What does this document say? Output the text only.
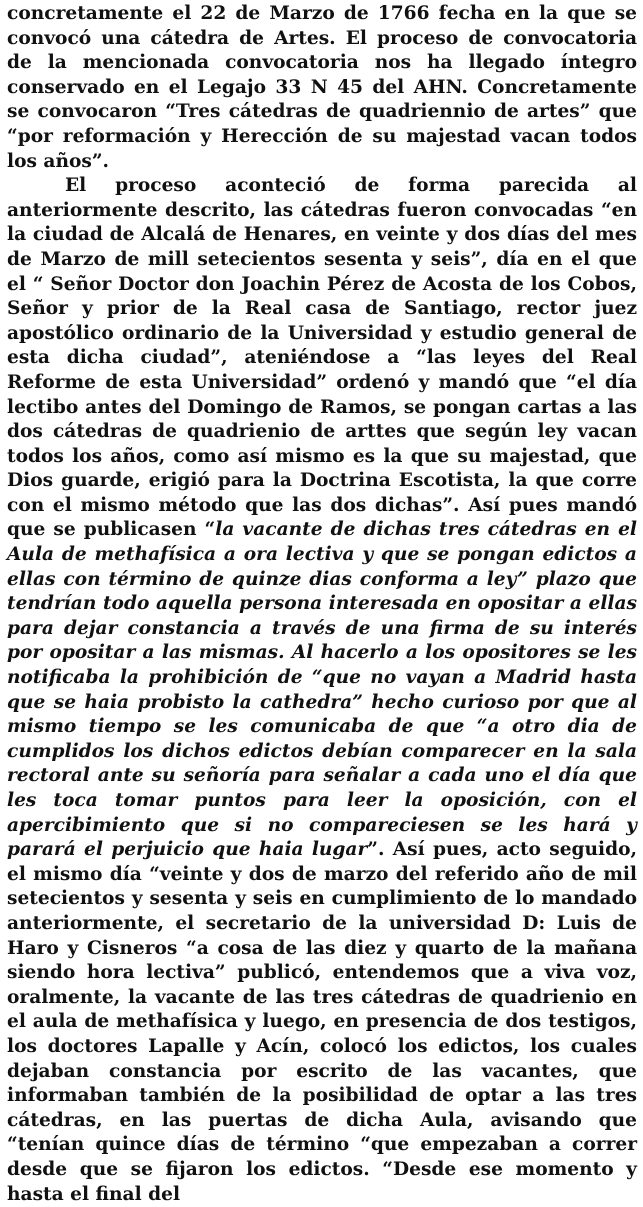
concretamente el 22 de Marzo de 1766 fecha en la que se convocó una cátedra de Artes. El proceso de convocatoria de la mencionada convocatoria nos ha llegado íntegro conservado en el Legajo 33 N 45 del AHN. Concretamente se convocaron “Tres cátedras de quadriennio de artes” que “por reformación y Herección de su majestad vacan todos los años”.

El proceso aconteció de forma parecida al anteriormente descrito, las cátedras fueron convocadas “en la ciudad de Alcalá de Henares, en veinte y dos días del mes de Marzo de mill setecientos sesenta y seis”, día en el que el “ Señor Doctor don Joachin Pérez de Acosta de los Cobos, Señor y prior de la Real casa de Santiago, rector juez apostólico ordinario de la Universidad y estudio general de esta dicha ciudad”, ateniéndose a “las leyes del Real Reforme de esta Universidad” ordenó y mandó que “el día lectibo antes del Domingo de Ramos, se pongan cartas a las dos cátedras de quadrienio de arttes que según ley vacan todos los años, como así mismo es la que su majestad, que Dios guarde, erigió para la Doctrina Escotista, la que corre con el mismo método que las dos dichas”. Así pues mandó que se publicasen “la vacante de dichas tres cátedras en el Aula de methafísica a ora lectiva y que se pongan edictos a ellas con término de quinze dias conforma a ley” plazo que tendrían todo aquella persona interesada en opositar a ellas para dejar constancia a través de una firma de su interés por opositar a las mismas. Al hacerlo a los opositores se les notificaba la prohibición de “que no vayan a Madrid hasta que se haia probisto la cathedra” hecho curioso por que al mismo tiempo se les comunicaba de que “a otro dia de cumplidos los dichos edictos debían comparecer en la sala rectoral ante su señoría para señalar a cada uno el día que les toca tomar puntos para leer la oposición, con el apercibimiento que si no compareciesen se les hará y parará el perjuicio que haia lugar”. Así pues, acto seguido, el mismo día “veinte y dos de marzo del referido año de mil setecientos y sesenta y seis en cumplimiento de lo mandado anteriormente, el secretario de la universidad D: Luis de Haro y Cisneros “a cosa de las diez y quarto de la mañana siendo hora lectiva” publicó, entendemos que a viva voz, oralmente, la vacante de las tres cátedras de quadrienio en el aula de methafísica y luego, en presencia de dos testigos, los doctores Lapalle y Acín, colocó los edictos, los cuales dejaban constancia por escrito de las vacantes, que informaban también de la posibilidad de optar a las tres cátedras, en las puertas de dicha Aula, avisando que “tenían quince días de término “que empezaban a correr desde que se fijaron los edictos. “Desde ese momento y hasta el final del
